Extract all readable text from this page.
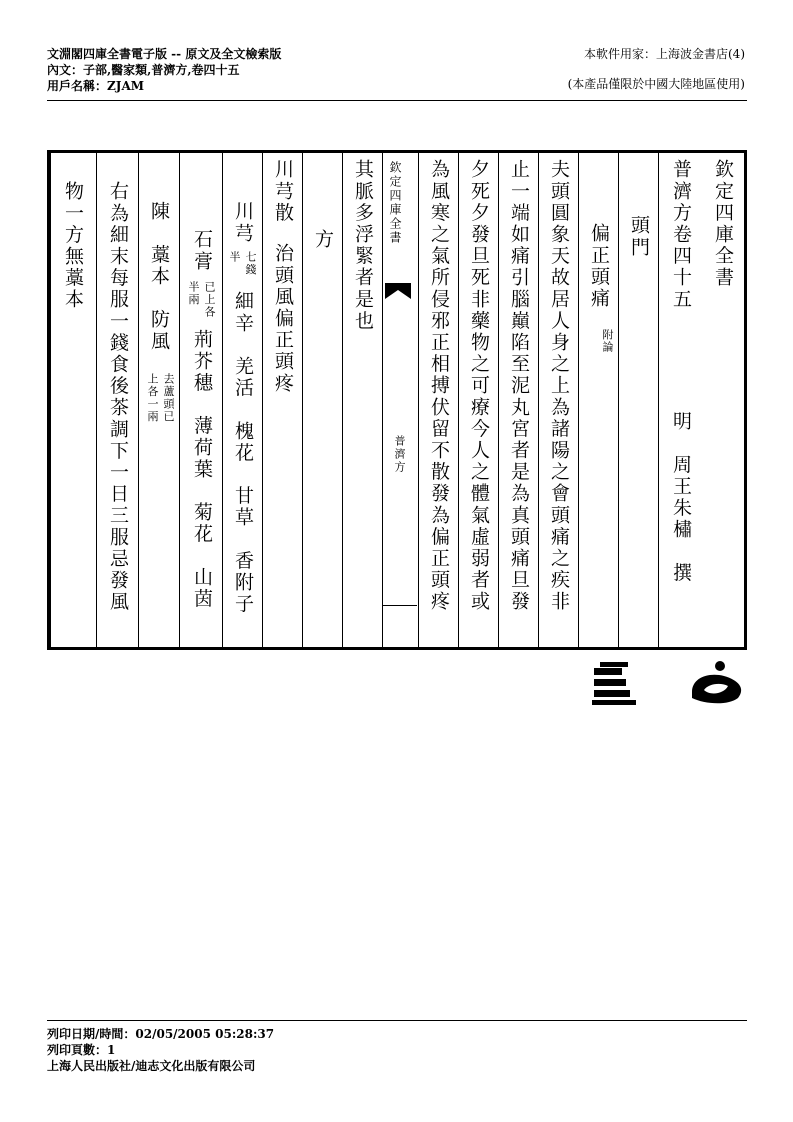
文淵閣四庫全書電子版 -- 原文及全文檢索版
內文：子部,醫家類,普濟方,卷四十五
用戶名稱：ZJAM
本軟件用家：上海波金書店(4)
(本產品僅限於中國大陸地區使用)
欽定四庫全書
普濟方卷四十五
明　周王朱橚　撰
頭門
偏正頭痛
附論
夫頭圓象天故居人身之上為諸陽之會頭痛之疾非
止一端如痛引腦巔陷至泥丸宮者是為真頭痛旦發
夕死夕發旦死非藥物之可療今人之體氣虛弱者或
為風寒之氣所侵邪正相搏伏留不散發為偏正頭疼
欽定四庫全書
普濟方
其脈多浮緊者是也
方
川芎散
治頭風偏正頭疼
川芎
七錢
半
細辛　羌活　槐花　甘草　香附子
石膏
已上各
半兩
荊芥穗　薄荷葉　菊花　山茵
陳　藁本　防風
去蘆頭已
上各一兩
右為細末每服一錢食後茶調下一日三服忌發風
物一方無藁本
列印日期/時間：02/05/2005 05:28:37
列印頁數：1
上海人民出版社/迪志文化出版有限公司
